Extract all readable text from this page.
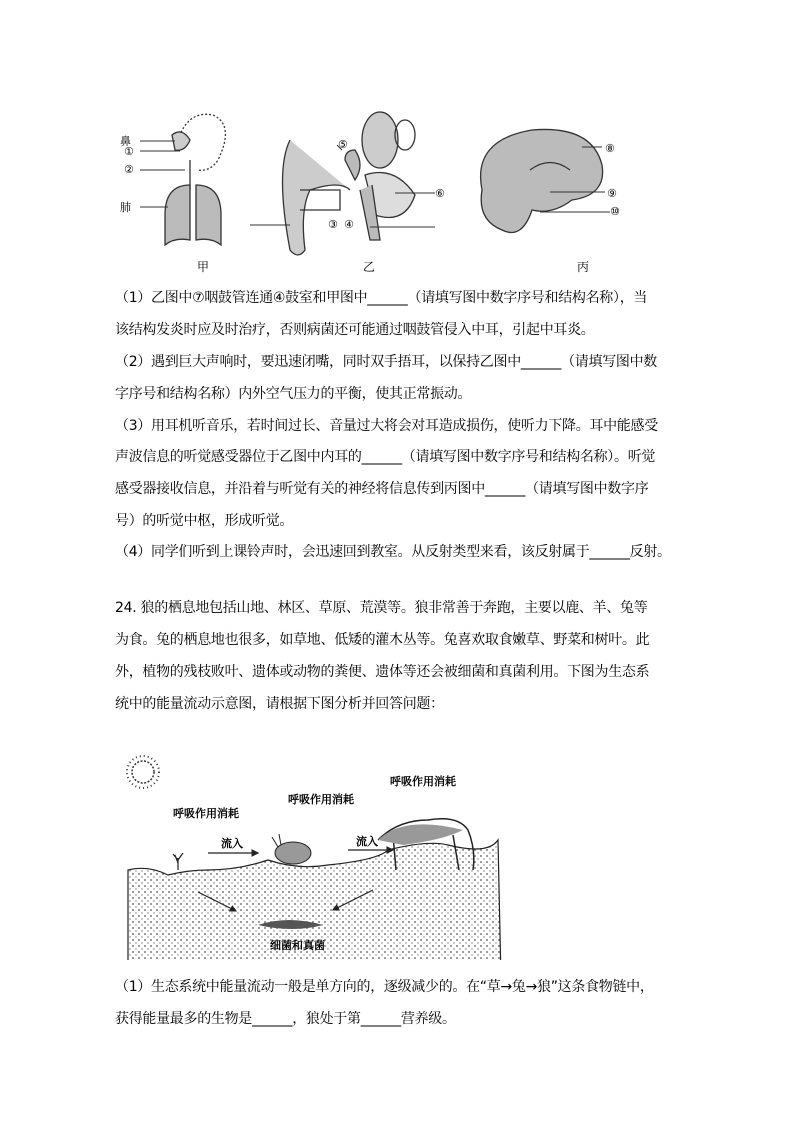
鼻
①
②
肺
⑤
⑥
③ ④
⑧
⑨
⑩
甲	乙	丙
（1）乙图中⑦咽鼓管连通④鼓室和甲图中______（请填写图中数字序号和结构名称），当
该结构发炎时应及时治疗，否则病菌还可能通过咽鼓管侵入中耳，引起中耳炎。
（2）遇到巨大声响时，要迅速闭嘴，同时双手捂耳，以保持乙图中______（请填写图中数
字序号和结构名称）内外空气压力的平衡，使其正常振动。
（3）用耳机听音乐，若时间过长、音量过大将会对耳造成损伤，使听力下降。耳中能感受
声波信息的听觉感受器位于乙图中内耳的______（请填写图中数字序号和结构名称）。听觉
感受器接收信息，并沿着与听觉有关的神经将信息传到丙图中______（请填写图中数字序
号）的听觉中枢，形成听觉。
（4）同学们听到上课铃声时，会迅速回到教室。从反射类型来看，该反射属于______反射。
24. 狼的栖息地包括山地、林区、草原、荒漠等。狼非常善于奔跑，主要以鹿、羊、兔等
为食。兔的栖息地也很多，如草地、低矮的灌木丛等。兔喜欢取食嫩草、野菜和树叶。此
外，植物的残枝败叶、遗体或动物的粪便、遗体等还会被细菌和真菌利用。下图为生态系
统中的能量流动示意图，请根据下图分析并回答问题：
呼吸作用消耗
呼吸作用消耗
呼吸作用消耗
流入	流入
细菌和真菌
（1）生态系统中能量流动一般是单方向的，逐级减少的。在“草→兔→狼”这条食物链中，
获得能量最多的生物是______，狼处于第______营养级。
